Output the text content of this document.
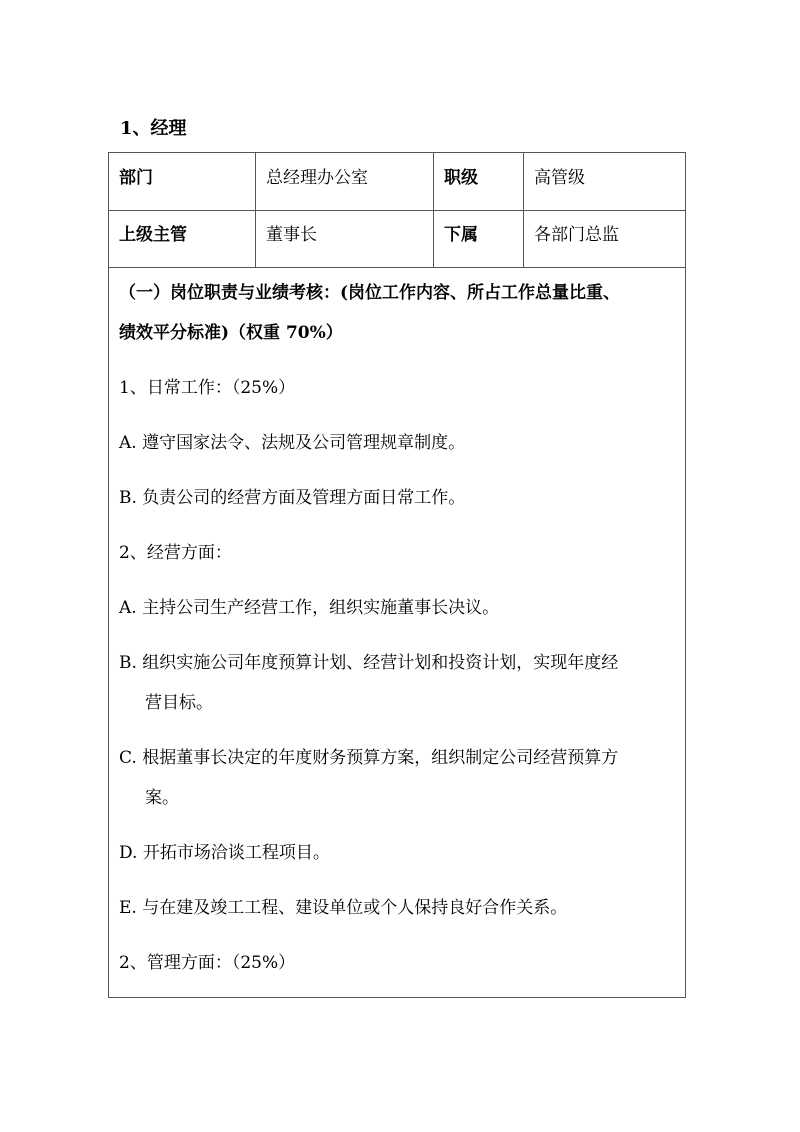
1、经理
部门	总经理办公室	职级	高管级
上级主管	董事长	下属	各部门总监
（一）岗位职责与业绩考核：(岗位工作内容、所占工作总量比重、
绩效平分标准)（权重 70%）
1、日常工作：（25%）
A. 遵守国家法令、法规及公司管理规章制度。
B. 负责公司的经营方面及管理方面日常工作。
2、经营方面：
A. 主持公司生产经营工作，组织实施董事长决议。
B. 组织实施公司年度预算计划、经营计划和投资计划，实现年度经
营目标。
C. 根据董事长决定的年度财务预算方案，组织制定公司经营预算方
案。
D. 开拓市场洽谈工程项目。
E. 与在建及竣工工程、建设单位或个人保持良好合作关系。
2、管理方面：（25%）
